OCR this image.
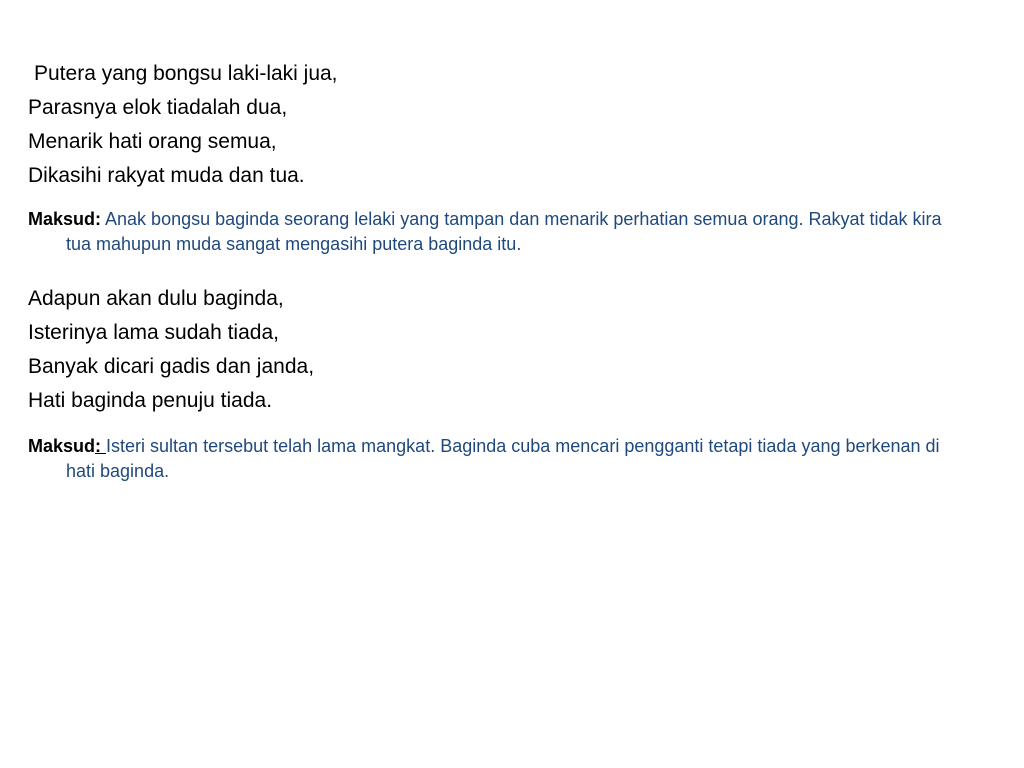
Putera yang bongsu laki-laki jua,
Parasnya elok tiadalah dua,
Menarik hati orang semua,
Dikasihi rakyat muda dan tua.
Maksud: Anak bongsu baginda seorang lelaki yang tampan dan menarik perhatian semua orang. Rakyat tidak kira tua mahupun muda sangat mengasihi putera baginda itu.
Adapun akan dulu baginda,
Isterinya lama sudah tiada,
Banyak dicari gadis dan janda,
Hati baginda penuju tiada.
Maksud: Isteri sultan tersebut telah lama mangkat. Baginda cuba mencari pengganti tetapi tiada yang berkenan di hati baginda.
